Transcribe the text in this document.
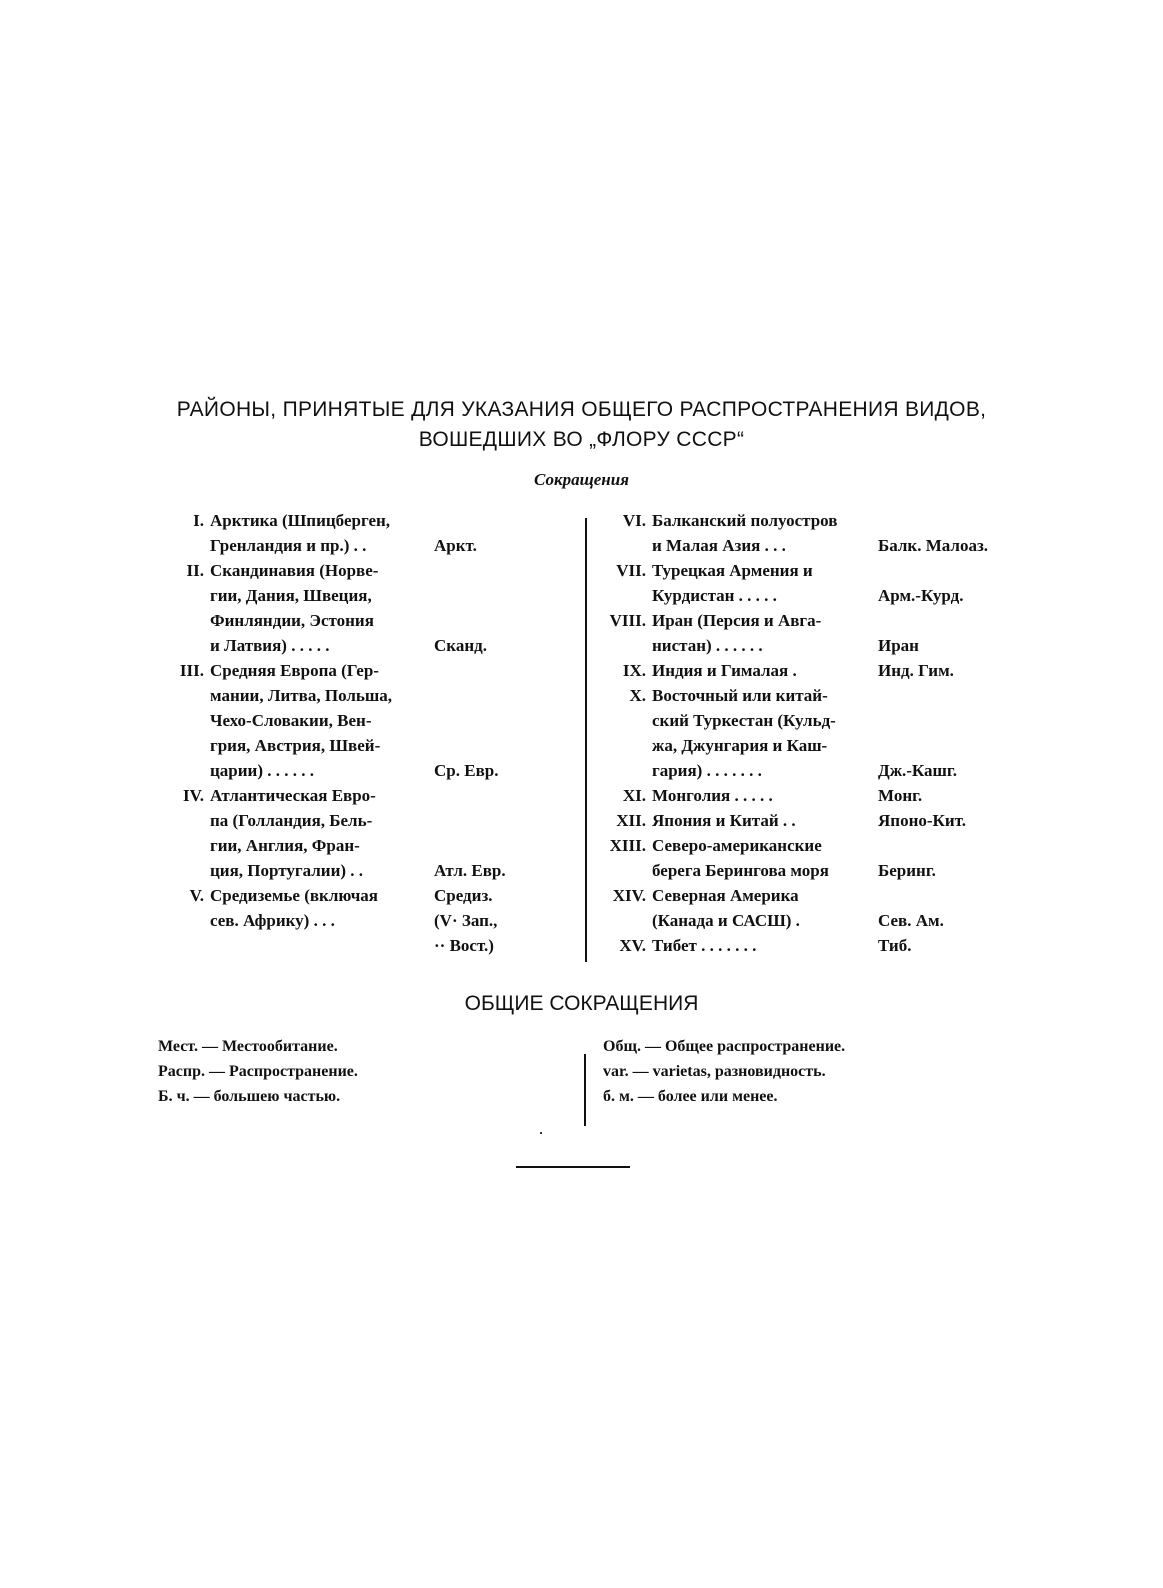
РАЙОНЫ, ПРИНЯТЫЕ ДЛЯ УКАЗАНИЯ ОБЩЕГО РАСПРОСТРАНЕНИЯ ВИДОВ,
ВОШЕДШИХ ВО „ФЛОРУ СССР“
Сокращения
I. Арктика (Шпицберген,
Гренландия и пр.) . .
	Аркт.
II. Скандинавия (Норве-
гии, Дания, Швеция,
Финляндии, Эстония
и Латвия) . . . . .

	Сканд.
III. Средняя Европа (Гер-
мании, Литва, Польша,
Чехо-Словакии, Вен-
грия, Австрия, Швей-
царии) . . . . . .

	Ср. Евр.
IV. Атлантическая Евро-
па (Голландия, Бель-
гии, Англия, Фран-
ция, Португалии) . .

	Атл. Евр.
V. Средиземье (включая
сев. Африку) . . .

Средиз.
(V· Зап.,
·· Вост.)
VI. Балканский полуостров
и Малая Азия . . .
	Балк. Малоаз.
VII. Турецкая Армения и
Курдистан . . . . .
	Арм.-Курд.
VIII. Иран (Персия и Авга-
нистан) . . . . . .
	Иран
IX. Индия и Гималая .	Инд. Гим.
X. Восточный или китай-
ский Туркестан (Кульд-
жа, Джунгария и Каш-
гария) . . . . . . .

	Дж.-Кашг.
XI. Монголия . . . . .	Монг.
XII. Япония и Китай . .	Японо-Кит.
XIII. Северо-американские
берега Берингова моря
	Беринг.
XIV. Северная Америка
(Канада и САСШ) .
	Сев. Ам.
XV. Тибет . . . . . . .	Тиб.
ОБЩИЕ СОКРАЩЕНИЯ
Мест. — Местообитание.
Распр. — Распространение.
Б. ч. — большею частью.
Общ. — Общее распространение.
var. — varietas, разновидность.
б. м. — более или менее.
